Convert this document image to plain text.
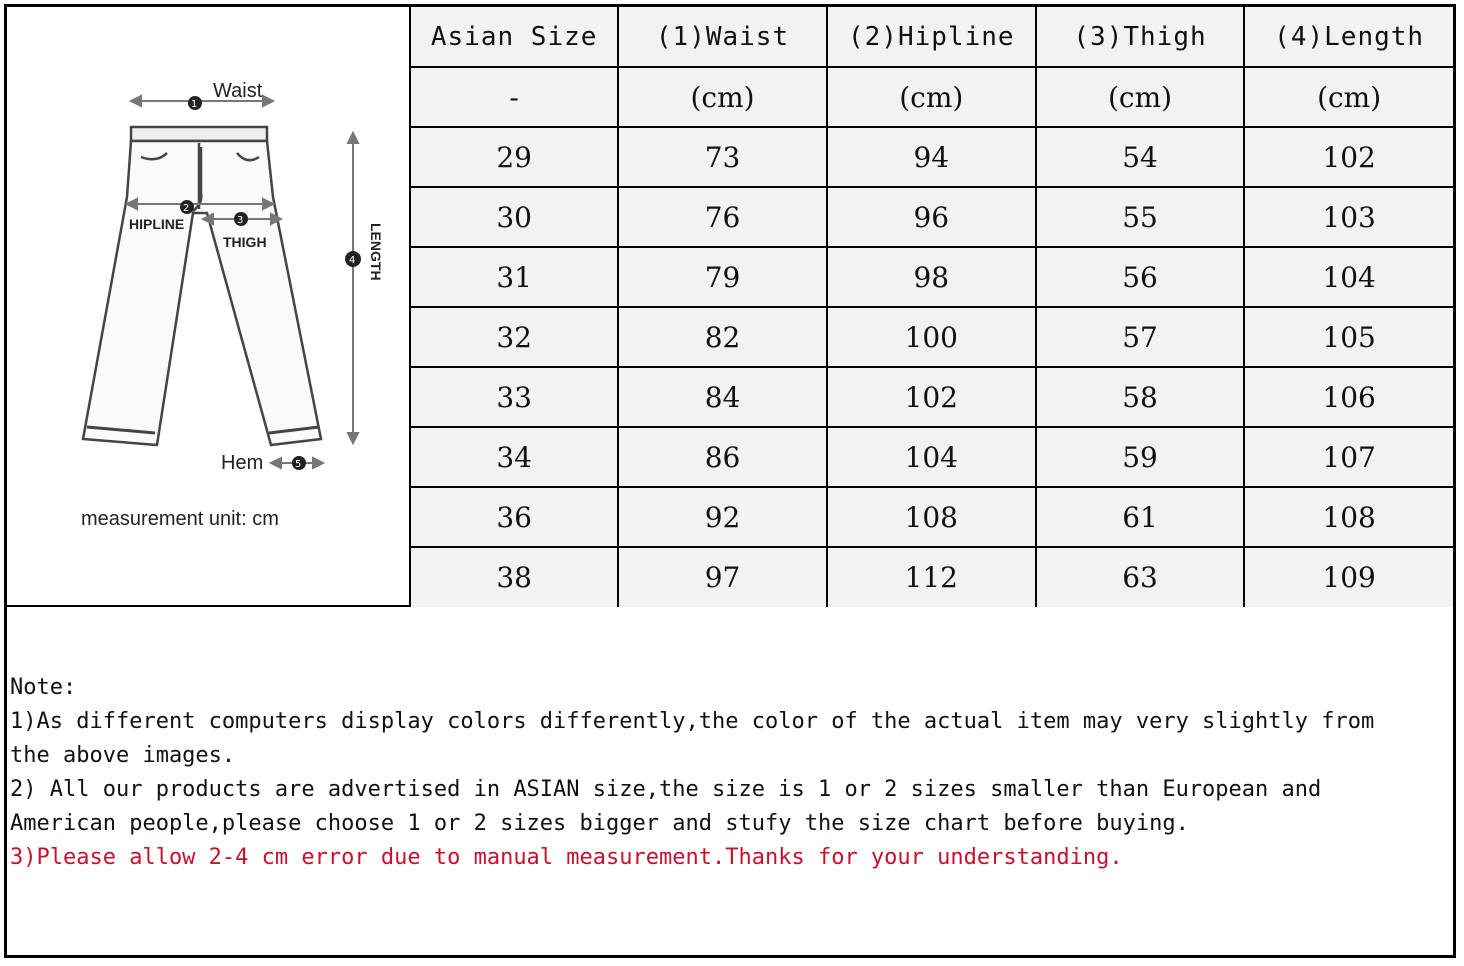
1
Waist
2
HIPLINE	3
THIGH
4 LENGTH
5
Hem
measurement unit: cm
Asian Size	(1)Waist	(2)Hipline	(3)Thigh	(4)Length
-	(cm)	(cm)	(cm)	(cm)
29	73	94	54	102
30	76	96	55	103
31	79	98	56	104
32	82	100	57	105
33	84	102	58	106
34	86	104	59	107
36	92	108	61	108
38	97	112	63	109
Note:
1)As different computers display colors differently,the color of the actual item may very slightly from
the above images.
2) All our products are advertised in ASIAN size,the size is 1 or 2 sizes smaller than European and
American people,please choose 1 or 2 sizes bigger and stufy the size chart before buying.
3)Please allow 2-4 cm error due to manual measurement.Thanks for your understanding.
